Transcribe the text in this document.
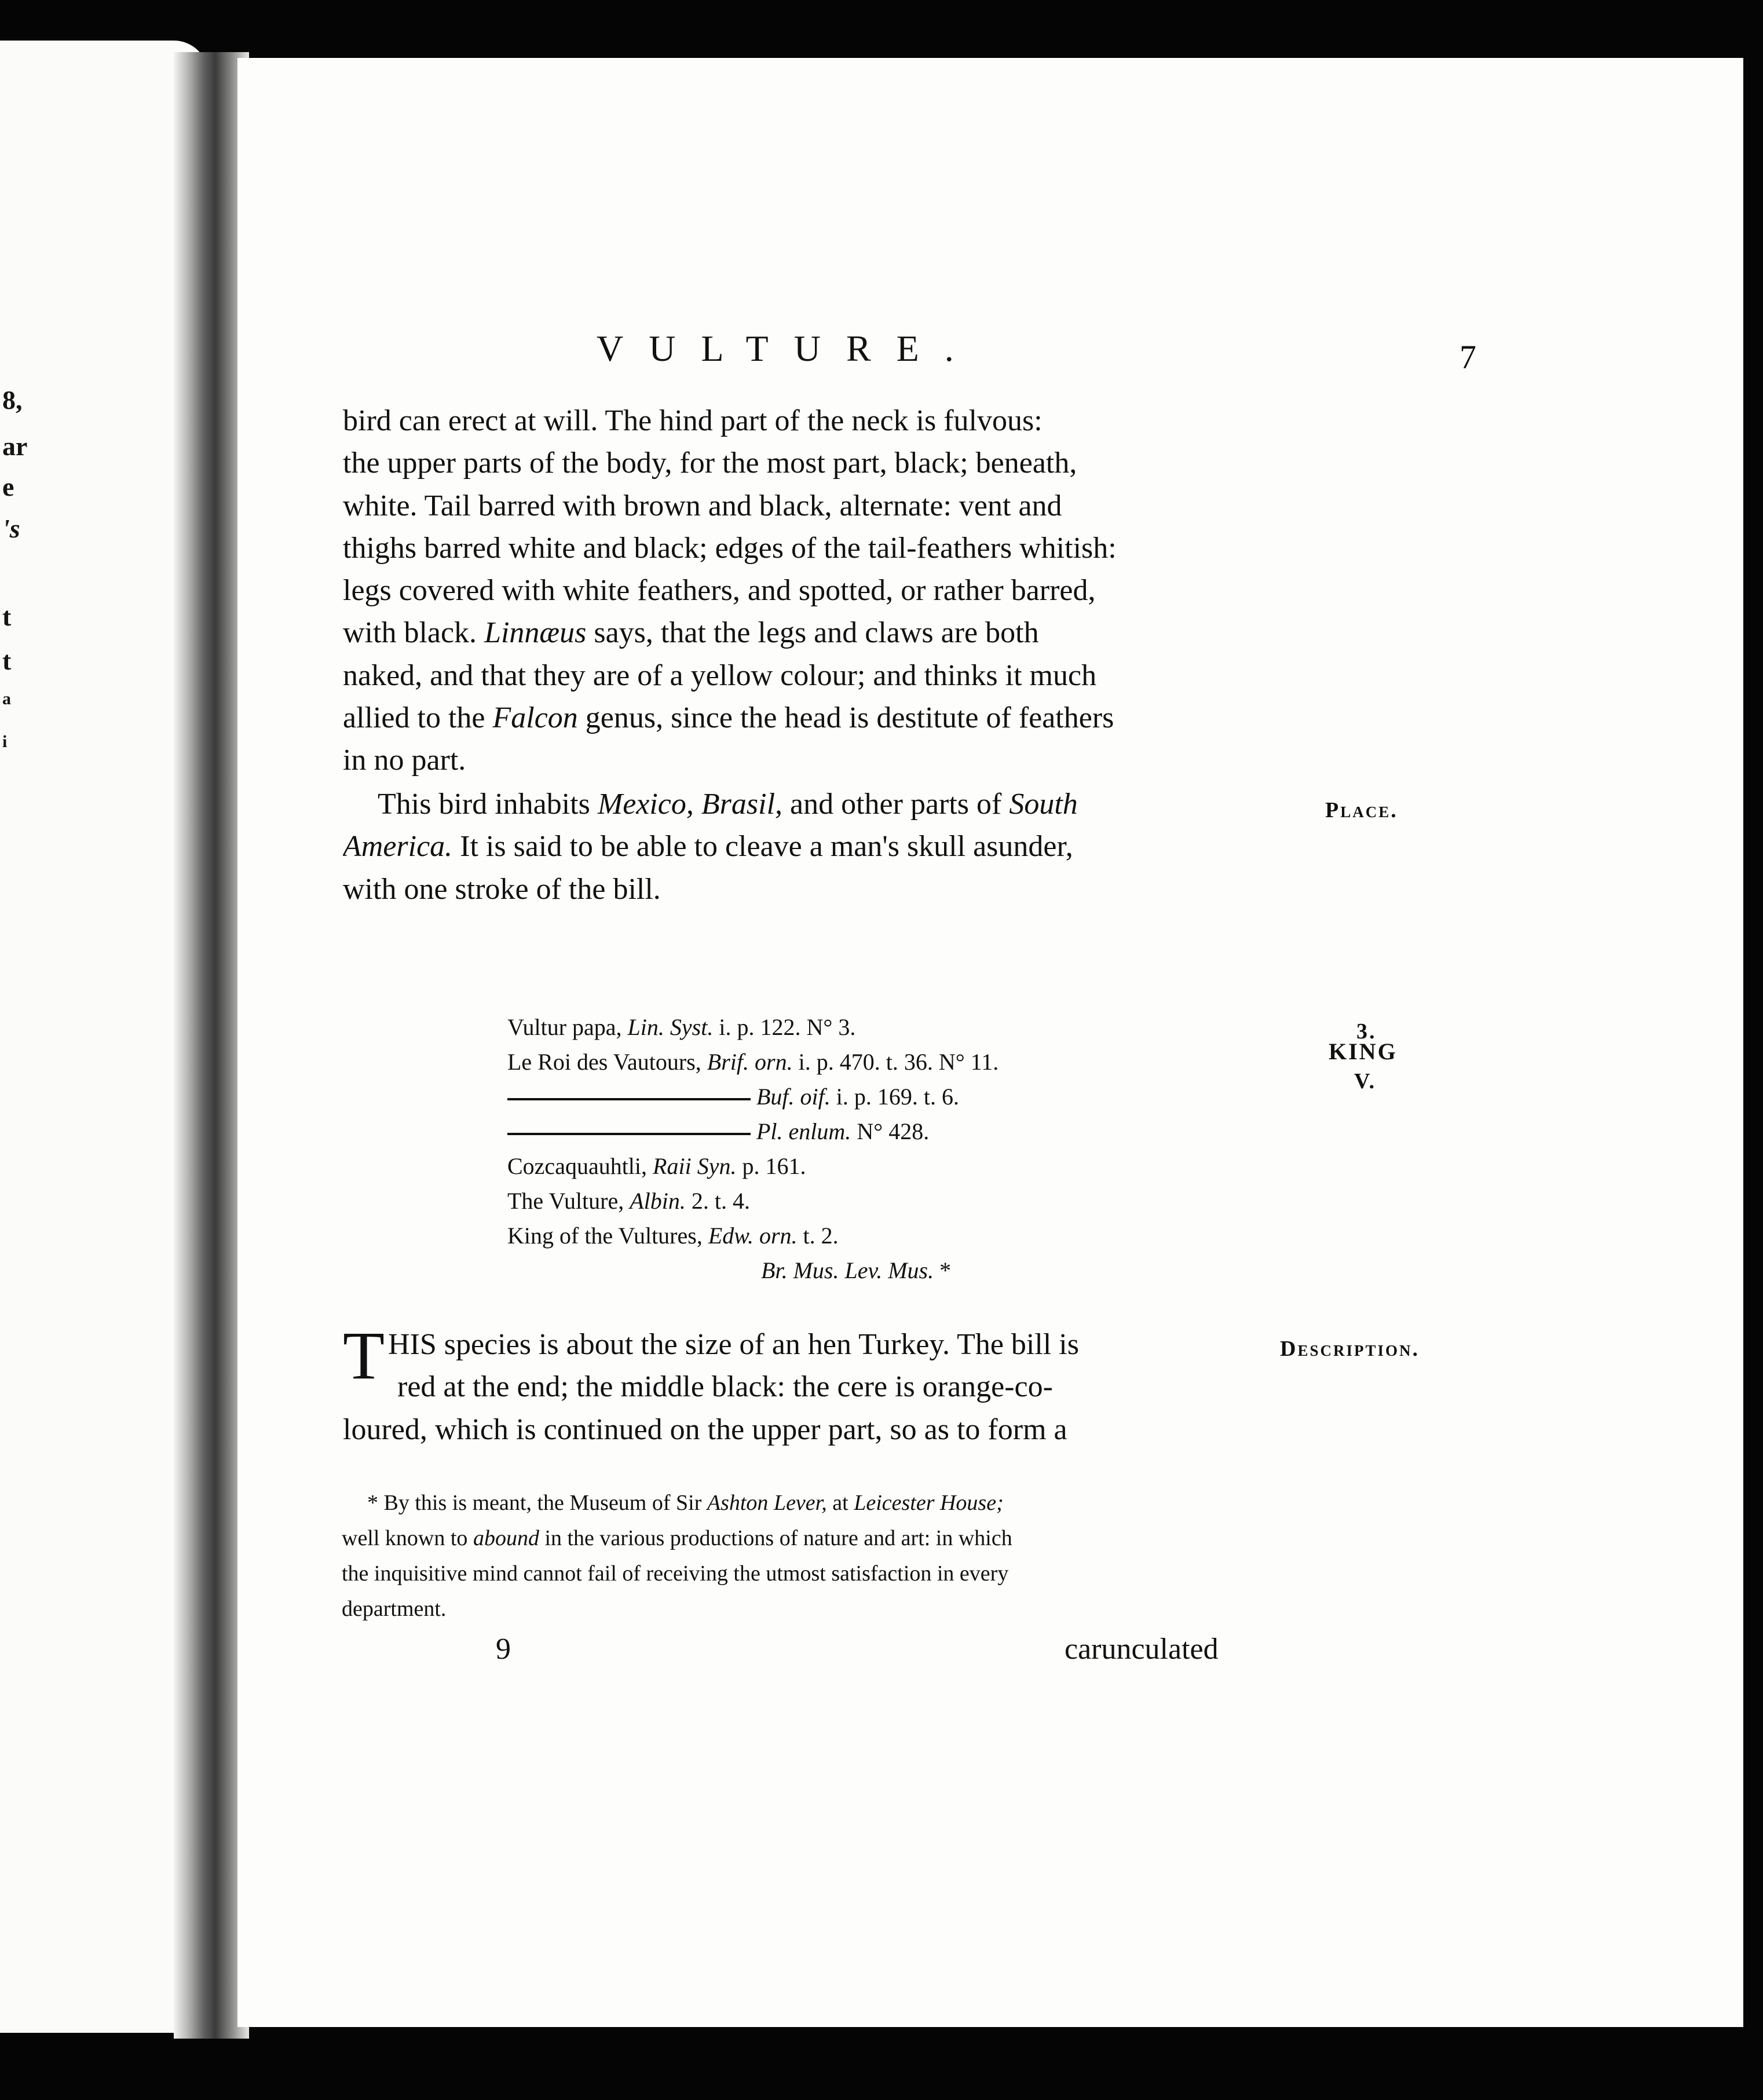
8,
ar
e
's
t
t
a
i
VULTURE.	7
bird can erect at will. The hind part of the neck is fulvous:
the upper parts of the body, for the most part, black; beneath,
white. Tail barred with brown and black, alternate: vent and
thighs barred white and black; edges of the tail-feathers whitish:
legs covered with white feathers, and spotted, or rather barred,
with black. Linnæus says, that the legs and claws are both
naked, and that they are of a yellow colour; and thinks it much
allied to the Falcon genus, since the head is destitute of feathers
in no part.
This bird inhabits Mexico, Brasil, and other parts of South
America. It is said to be able to cleave a man's skull asunder,
with one stroke of the bill.
Place.
3.
KING
V.
Description.
Vultur papa, Lin. Syst. i. p. 122. N° 3.
Le Roi des Vautours, Brif. orn. i. p. 470. t. 36. N° 11.
Buf. oif. i. p. 169. t. 6.
Pl. enlum. N° 428.
Cozcaquauhtli, Raii Syn. p. 161.
The Vulture, Albin. 2. t. 4.
King of the Vultures, Edw. orn. t. 2.
Br. Mus. Lev. Mus. *
T HIS species is about the size of an hen Turkey. The bill is
red at the end; the middle black: the cere is orange-co-
loured, which is continued on the upper part, so as to form a
* By this is meant, the Museum of Sir Ashton Lever, at Leicester House;
well known to abound in the various productions of nature and art: in which
the inquisitive mind cannot fail of receiving the utmost satisfaction in every
department.
9	carunculated
